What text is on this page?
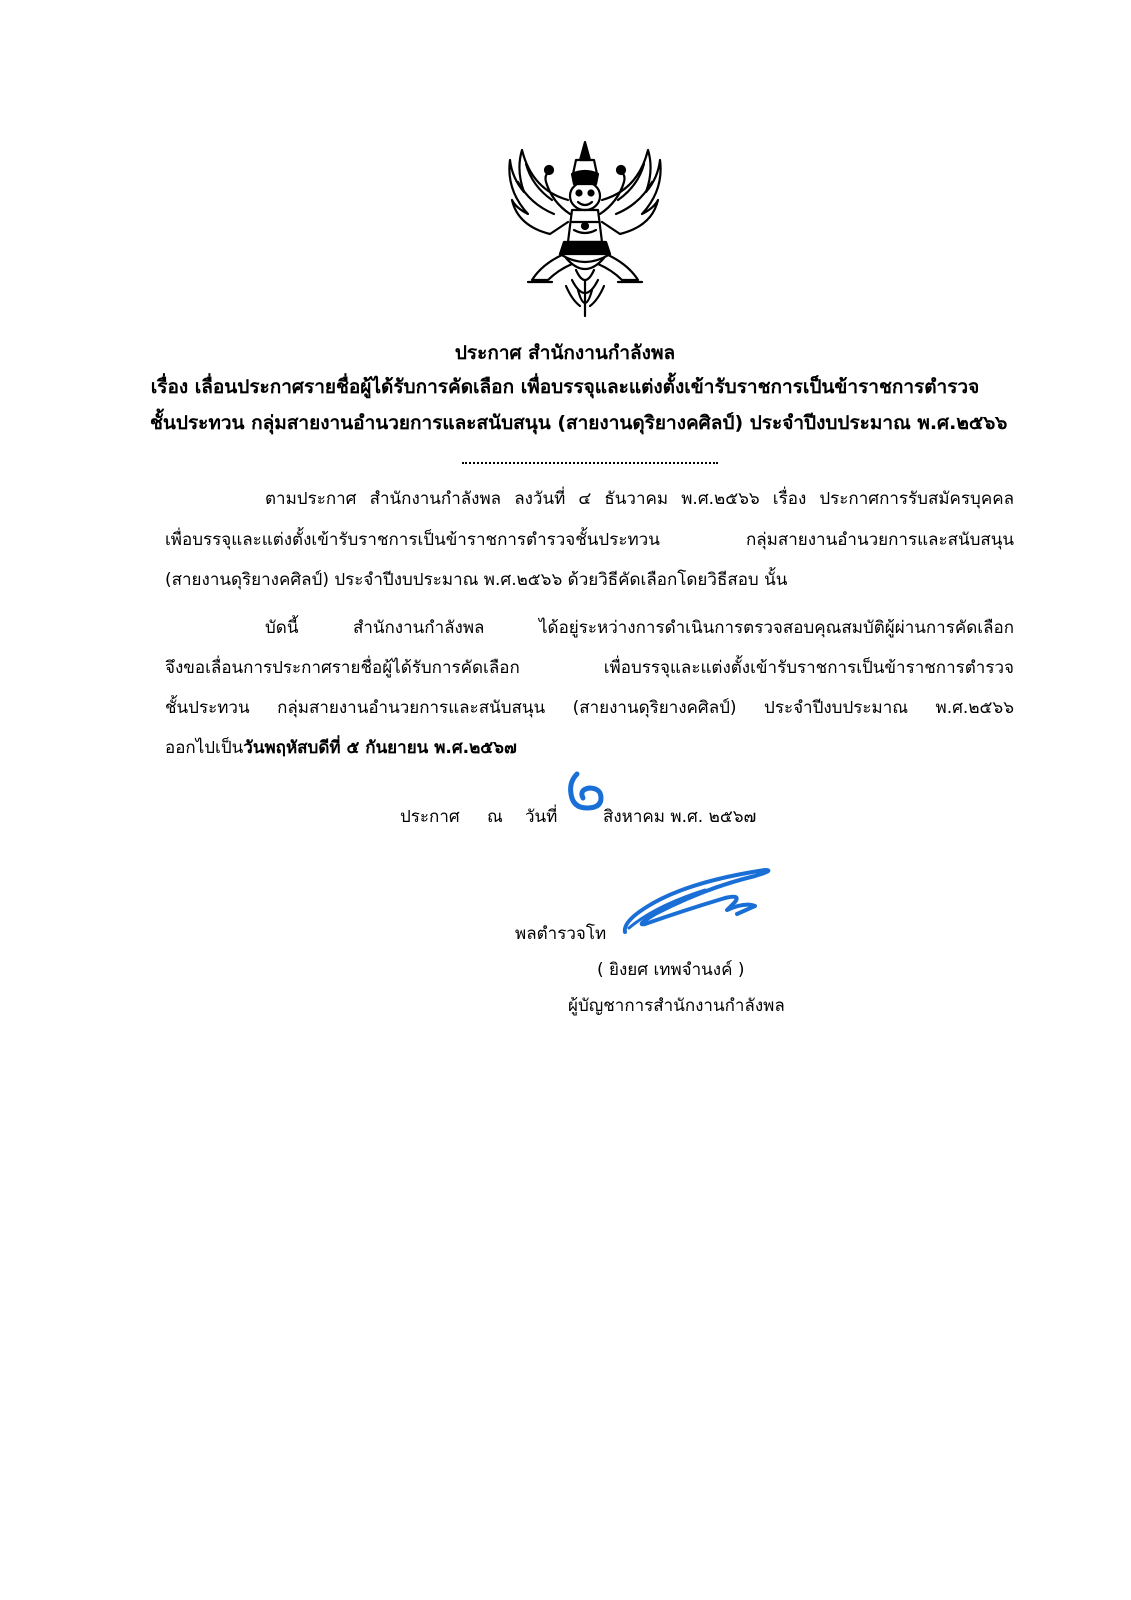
ประกาศ สำนักงานกำลังพล
เรื่อง เลื่อนประกาศรายชื่อผู้ได้รับการคัดเลือก เพื่อบรรจุและแต่งตั้งเข้ารับราชการเป็นข้าราชการตำรวจ
ชั้นประทวน กลุ่มสายงานอำนวยการและสนับสนุน (สายงานดุริยางคศิลป์) ประจำปีงบประมาณ พ.ศ.๒๕๖๖
ตามประกาศ สำนักงานกำลังพล ลงวันที่ ๔ ธันวาคม พ.ศ.๒๕๖๖ เรื่อง ประกาศการรับสมัครบุคคล
เพื่อบรรจุและแต่งตั้งเข้ารับราชการเป็นข้าราชการตำรวจชั้นประทวน กลุ่มสายงานอำนวยการและสนับสนุน
(สายงานดุริยางคศิลป์) ประจำปีงบประมาณ พ.ศ.๒๕๖๖ ด้วยวิธีคัดเลือกโดยวิธีสอบ นั้น
บัดนี้ สำนักงานกำลังพล ได้อยู่ระหว่างการดำเนินการตรวจสอบคุณสมบัติผู้ผ่านการคัดเลือก
จึงขอเลื่อนการประกาศรายชื่อผู้ได้รับการคัดเลือก เพื่อบรรจุและแต่งตั้งเข้ารับราชการเป็นข้าราชการตำรวจ
ชั้นประทวน กลุ่มสายงานอำนวยการและสนับสนุน (สายงานดุริยางคศิลป์) ประจำปีงบประมาณ พ.ศ.๒๕๖๖
ออกไปเป็นวันพฤหัสบดีที่ ๕ กันยายน พ.ศ.๒๕๖๗
ประกาศ ณ วันที่	สิงหาคม พ.ศ. ๒๕๖๗
พลตำรวจโท
( ยิงยศ เทพจำนงค์ )
ผู้บัญชาการสำนักงานกำลังพล
